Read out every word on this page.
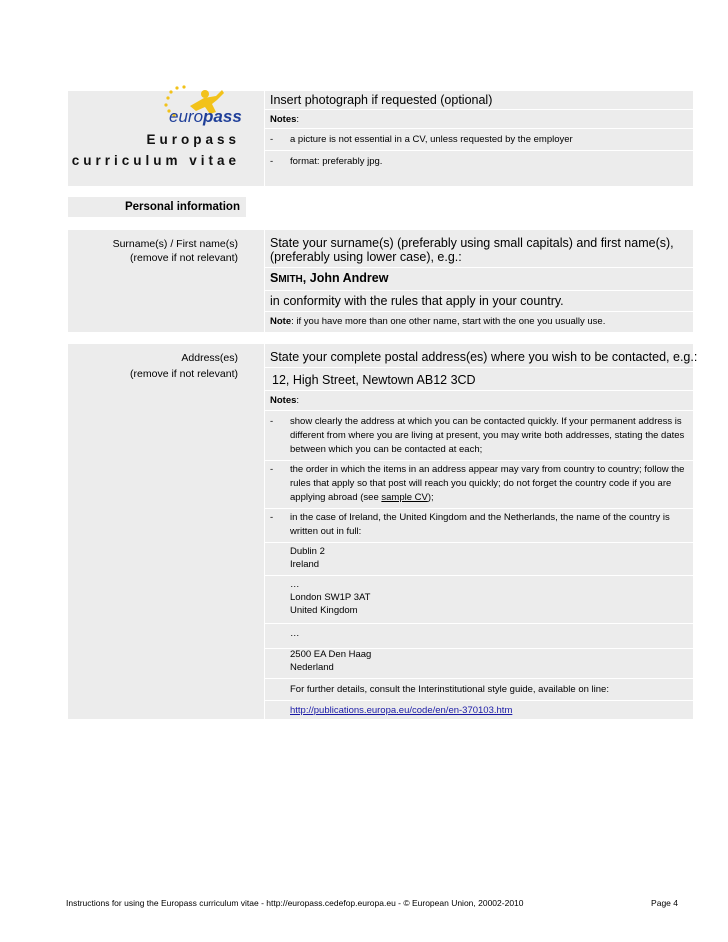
europass
Europass
curriculum vitae
Insert photograph if requested (optional)
Notes:
- a picture is not essential in a CV, unless requested by the employer
- format: preferably jpg.
Personal information
Surname(s) / First name(s)
(remove if not relevant)
State your surname(s) (preferably using small capitals) and first name(s), (preferably using lower case), e.g.:
SMITH, John Andrew
in conformity with the rules that apply in your country.
Note: if you have more than one other name, start with the one you usually use.
Address(es)
(remove if not relevant)
State your complete postal address(es) where you wish to be contacted, e.g.:
12, High Street, Newtown AB12 3CD
Notes:
- show clearly the address at which you can be contacted quickly. If your permanent address is different from where you are living at present, you may write both addresses, stating the dates between which you can be contacted at each;
- the order in which the items in an address appear may vary from country to country; follow the rules that apply so that post will reach you quickly; do not forget the country code if you are applying abroad (see sample CV);
- in the case of Ireland, the United Kingdom and the Netherlands, the name of the country is written out in full:
Dublin 2
Ireland
…
London SW1P 3AT
United Kingdom
…
2500 EA Den Haag
Nederland
For further details, consult the Interinstitutional style guide, available on line:
http://publications.europa.eu/code/en/en-370103.htm
Instructions for using the Europass curriculum vitae - http://europass.cedefop.europa.eu - © European Union, 20002-2010	Page 4
